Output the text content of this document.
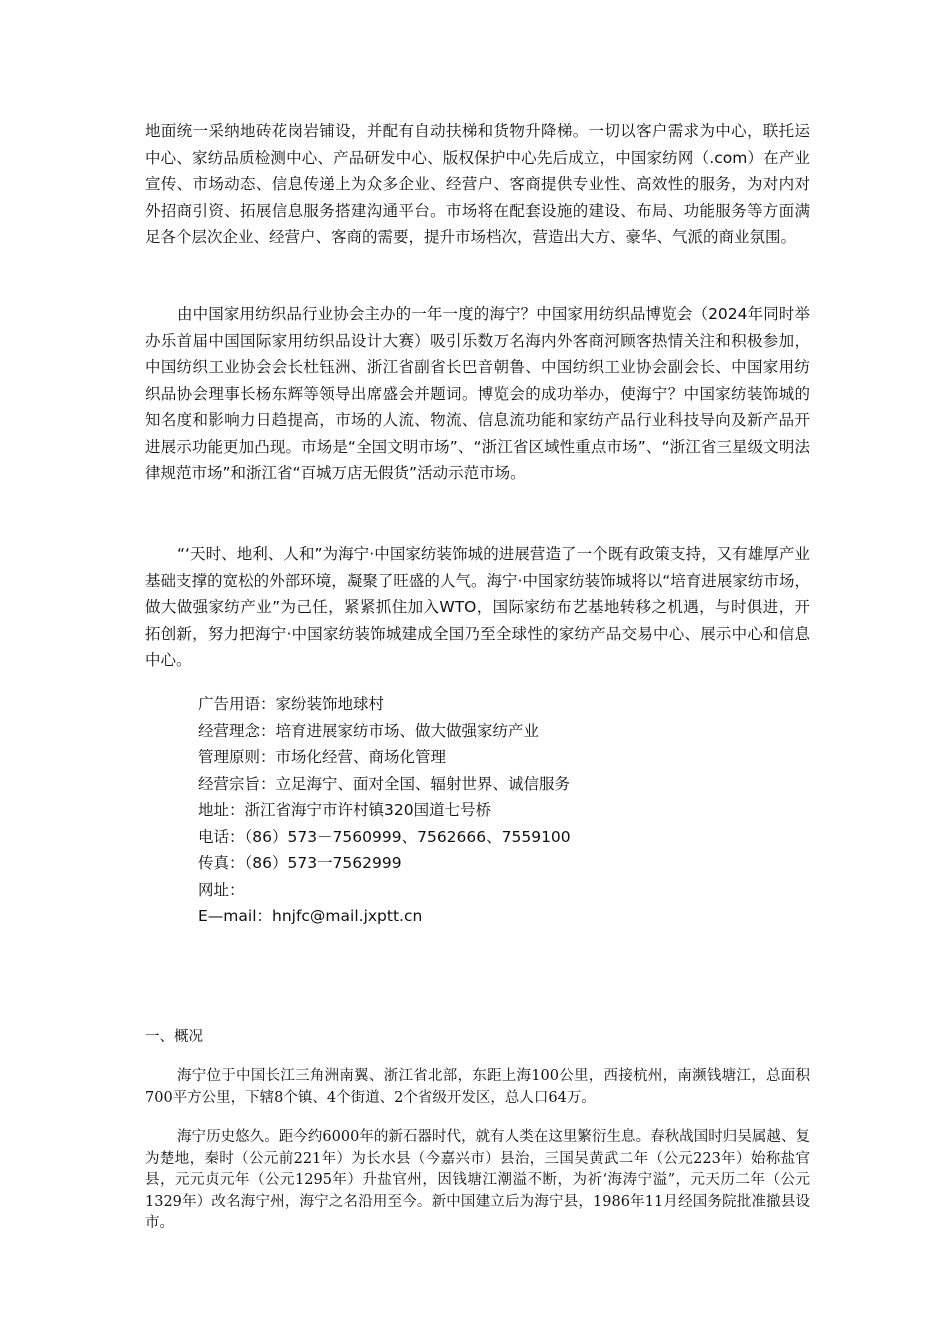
地面统一采纳地砖花岗岩铺设，并配有自动扶梯和货物升降梯。一切以客户需求为中心，联托运中心、家纺品质检测中心、产品研发中心、版权保护中心先后成立，中国家纺网（.com）在产业宣传、市场动态、信息传递上为众多企业、经营户、客商提供专业性、高效性的服务，为对内对外招商引资、拓展信息服务搭建沟通平台。市场将在配套设施的建设、布局、功能服务等方面满足各个层次企业、经营户、客商的需要，提升市场档次，营造出大方、豪华、气派的商业氛围。

由中国家用纺织品行业协会主办的一年一度的海宁？中国家用纺织品博览会（2024年同时举办乐首届中国国际家用纺织品设计大赛）吸引乐数万名海内外客商河顾客热情关注和积极参加，中国纺织工业协会会长杜钰洲、浙江省副省长巴音朝鲁、中国纺织工业协会副会长、中国家用纺织品协会理事长杨东辉等领导出席盛会并题词。博览会的成功举办，使海宁？中国家纺装饰城的知名度和影响力日趋提高，市场的人流、物流、信息流功能和家纺产品行业科技导向及新产品开进展示功能更加凸现。市场是“全国文明市场”、“浙江省区域性重点市场”、“浙江省三星级文明法律规范市场”和浙江省“百城万店无假货”活动示范市场。

“‘天时、地利、人和”为海宁·中国家纺装饰城的进展营造了一个既有政策支持，又有雄厚产业基础支撑的宽松的外部环境，凝聚了旺盛的人气。海宁·中国家纺装饰城将以“培育进展家纺市场，做大做强家纺产业”为己任，紧紧抓住加入WTO，国际家纺布艺基地转移之机遇，与时俱进，开拓创新，努力把海宁·中国家纺装饰城建成全国乃至全球性的家纺产品交易中心、展示中心和信息中心。

广告用语：家纷装饰地球村
经营理念：培育进展家纺市场、做大做强家纺产业
管理原则：市场化经营、商场化管理
经营宗旨：立足海宁、面对全国、辐射世界、诚信服务
地址：浙江省海宁市许村镇320国道七号桥
电话：（86）573－7560999、7562666、7559100
传真：（86）573一7562999
网址：
E—mail：hnjfc@mail.jxptt.cn
一、概况

海宁位于中国长江三角洲南翼、浙江省北部，东距上海100公里，西接杭州，南濒钱塘江，总面积700平方公里，下辖8个镇、4个街道、2个省级开发区，总人口64万。

海宁历史悠久。距今约6000年的新石器时代，就有人类在这里繁衍生息。春秋战国时归吴属越、复为楚地，秦时（公元前221年）为长水县（今嘉兴市）县治，三国吴黄武二年（公元223年）始称盐官县，元元贞元年（公元1295年）升盐官州，因钱塘江潮溢不断，为祈‘海涛宁溢”，元天历二年（公元1329年）改名海宁州，海宁之名沿用至今。新中国建立后为海宁县，1986年11月经国务院批准撤县设市。
